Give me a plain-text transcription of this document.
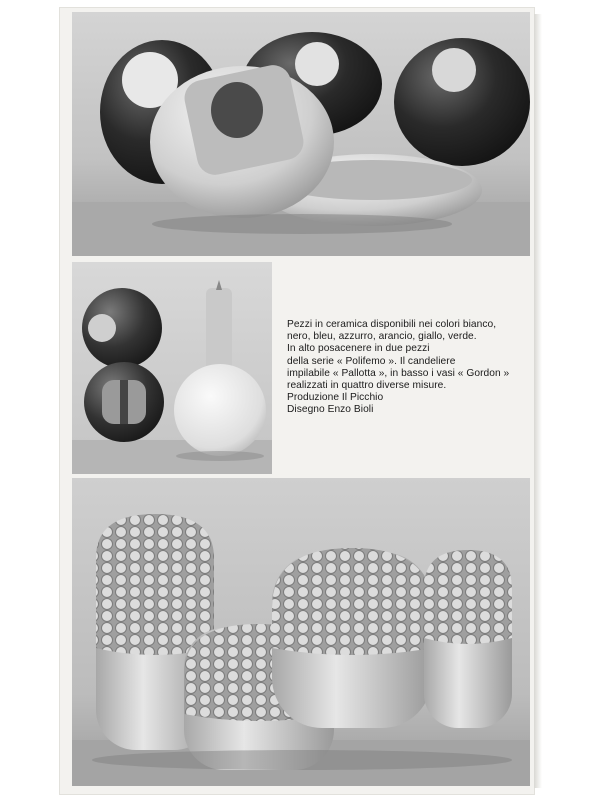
Pezzi in ceramica disponibili nei colori bianco,
nero, bleu, azzurro, arancio, giallo, verde.
In alto posacenere in due pezzi
della serie « Polifemo ». Il candeliere
impilabile « Pallotta », in basso i vasi « Gordon »
realizzati in quattro diverse misure.
Produzione Il Picchio
Disegno Enzo Bioli
